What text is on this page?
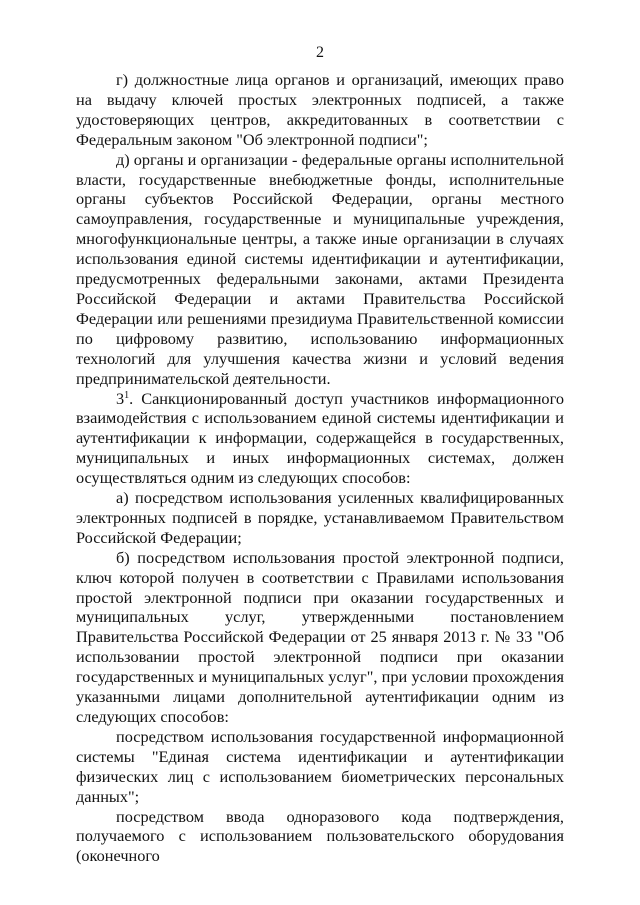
2

г) должностные лица органов и организаций, имеющих право на выдачу ключей простых электронных подписей, а также удостоверяющих центров, аккредитованных в соответствии с Федеральным законом "Об электронной подписи";

д) органы и организации - федеральные органы исполнительной власти, государственные внебюджетные фонды, исполнительные органы субъектов Российской Федерации, органы местного самоуправления, государственные и муниципальные учреждения, многофункциональные центры, а также иные организации в случаях использования единой системы идентификации и аутентификации, предусмотренных федеральными законами, актами Президента Российской Федерации и актами Правительства Российской Федерации или решениями президиума Правительственной комиссии по цифровому развитию, использованию информационных технологий для улучшения качества жизни и условий ведения предпринимательской деятельности.

$3^1$. Санкционированный доступ участников информационного взаимодействия с использованием единой системы идентификации и аутентификации к информации, содержащейся в государственных, муниципальных и иных информационных системах, должен осуществляться одним из следующих способов:

а) посредством использования усиленных квалифицированных электронных подписей в порядке, устанавливаемом Правительством Российской Федерации;

б) посредством использования простой электронной подписи, ключ которой получен в соответствии с Правилами использования простой электронной подписи при оказании государственных и муниципальных услуг, утвержденными постановлением Правительства Российской Федерации от 25 января 2013 г. № 33 "Об использовании простой электронной подписи при оказании государственных и муниципальных услуг", при условии прохождения указанными лицами дополнительной аутентификации одним из следующих способов:

посредством использования государственной информационной системы "Единая система идентификации и аутентификации физических лиц с использованием биометрических персональных данных";

посредством ввода одноразового кода подтверждения, получаемого с использованием пользовательского оборудования (оконечного
